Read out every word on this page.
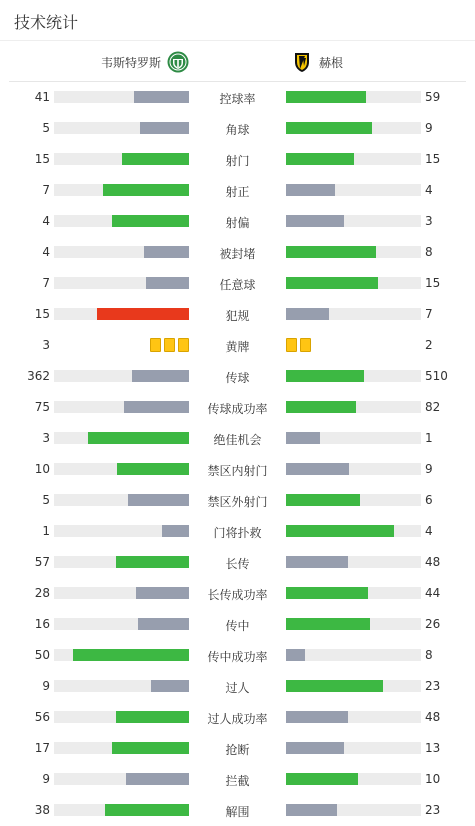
技术统计
韦斯特罗斯	赫根
41	控球率	59
5	角球	9
15	射门	15
7	射正	4
4	射偏	3
4	被封堵	8
7	任意球	15
15	犯规	7
3	黄牌	2
362	传球	510
75	传球成功率	82
3	绝佳机会	1
10	禁区内射门	9
5	禁区外射门	6
1	门将扑救	4
57	长传	48
28	长传成功率	44
16	传中	26
50	传中成功率	8
9	过人	23
56	过人成功率	48
17	抢断	13
9	拦截	10
38	解围	23
